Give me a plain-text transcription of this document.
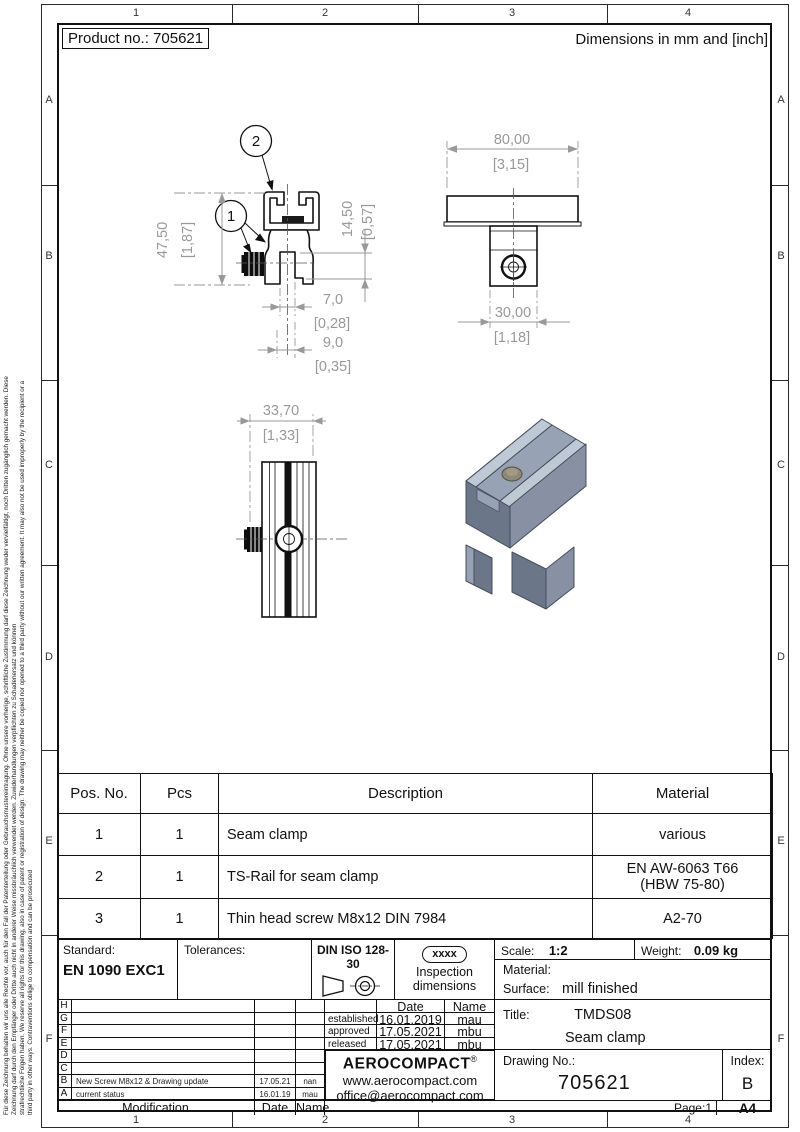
1	2	3	4
1	2	3	4
A
B
C
D
E
F
A
B
C
D
E
F
Für diese Zeichnung behalten wir uns alle Rechte vor, auch für den Fall der Patenterteilung oder Gebrauchsmustereintragung. Ohne unsere vorherige, schriftliche Zustimmung darf diese Zeichnung weder vervielfältigt, noch Dritten zugänglich gemacht werden. Diese Zeichnung darf durch den Empfänger oder Dritte auch nicht in anderer Weise missbräuchlich verwendet werden. Zuwiderhandlungen verpflichten zu Schadenersatz und können strafrechtliche Folgen haben. We reserve all rights for this drawing, also in case of patent or registration of design. The drawing may neither be copied nor opened to a third party without our written agreement. It may also not be used improperly by the recipient or a third party in other ways. Contraventions oblige to compensation and can be prosecuted
Product no.: 705621	Dimensions in mm and [inch]
2
1
47,50 [1,87]
14,50 [0,57]
7,0
[0,28]
9,0
[0,35]
80,00
[3,15]
30,00
[1,18]
33,70
[1,33]
Pos. No.	Pcs	Description	Material
1	1	Seam clamp	various
2	1	TS-Rail for seam clamp	EN AW-6063 T66
(HBW 75-80)

3	1	Thin head screw M8x12 DIN 7984	A2-70
Standard:
EN 1090 EXC1
Tolerances:	DIN ISO 128-30
xxxx
Inspection
dimensions
Scale: 1:2	Weight: 0.09 kg
Material:
Surface: mill finished
H
G
F
E
D
C
B	New Screw M8x12 & Drawing update	17.05.21	nan
A	current status	16.01.19	mau
Date	Name
established 16.01.2019	mau
approved 17.05.2021	mbu
released	17.05.2021	mbu
AEROCOMPACT®
www.aerocompact.com
office@aerocompact.com
Title:	TMDS08
Seam clamp
Drawing No.:
705621
Index:
B
Modification	Date Name	Page:1	A4
